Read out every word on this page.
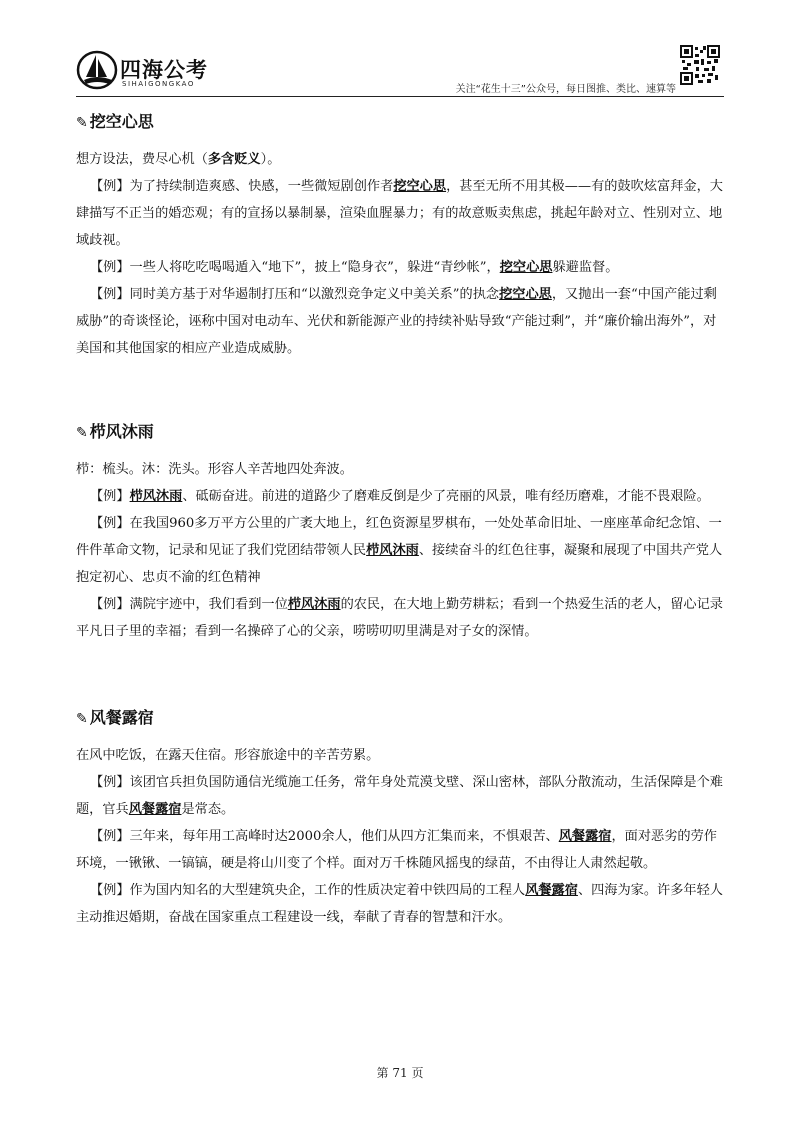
四海公考
SIHAIGONGKAO	关注“花生十三”公众号，每日图推、类比、速算等
✎ 挖空心思

想方设法，费尽心机（多含贬义）。

【例】为了持续制造爽感、快感，一些微短剧创作者挖空心思，甚至无所不用其极——有的鼓吹炫富拜金，大肆描写不正当的婚恋观；有的宣扬以暴制暴，渲染血腥暴力；有的故意贩卖焦虑，挑起年龄对立、性别对立、地域歧视。

【例】一些人将吃吃喝喝遁入“地下”，披上“隐身衣”，躲进“青纱帐”，挖空心思躲避监督。

【例】同时美方基于对华遏制打压和“以激烈竞争定义中美关系”的执念挖空心思，又抛出一套“中国产能过剩威胁”的奇谈怪论，诬称中国对电动车、光伏和新能源产业的持续补贴导致“产能过剩”，并“廉价输出海外”，对美国和其他国家的相应产业造成威胁。

✎ 栉风沐雨

栉：梳头。沐：洗头。形容人辛苦地四处奔波。

【例】栉风沐雨、砥砺奋进。前进的道路少了磨难反倒是少了亮丽的风景，唯有经历磨难，才能不畏艰险。

【例】在我国960多万平方公里的广袤大地上，红色资源星罗棋布，一处处革命旧址、一座座革命纪念馆、一件件革命文物，记录和见证了我们党团结带领人民栉风沐雨、接续奋斗的红色往事，凝聚和展现了中国共产党人抱定初心、忠贞不渝的红色精神

【例】满院宇迹中，我们看到一位栉风沐雨的农民，在大地上勤劳耕耘；看到一个热爱生活的老人，留心记录平凡日子里的幸福；看到一名操碎了心的父亲，唠唠叨叨里满是对子女的深情。

✎ 风餐露宿

在风中吃饭，在露天住宿。形容旅途中的辛苦劳累。

【例】该团官兵担负国防通信光缆施工任务，常年身处荒漠戈壁、深山密林，部队分散流动，生活保障是个难题，官兵风餐露宿是常态。

【例】三年来，每年用工高峰时达2000余人，他们从四方汇集而来，不惧艰苦、风餐露宿，面对恶劣的劳作环境，一锹锹、一镐镐，硬是将山川变了个样。面对万千株随风摇曳的绿苗，不由得让人肃然起敬。

【例】作为国内知名的大型建筑央企，工作的性质决定着中铁四局的工程人风餐露宿、四海为家。许多年轻人主动推迟婚期，奋战在国家重点工程建设一线，奉献了青春的智慧和汗水。

第 71 页
